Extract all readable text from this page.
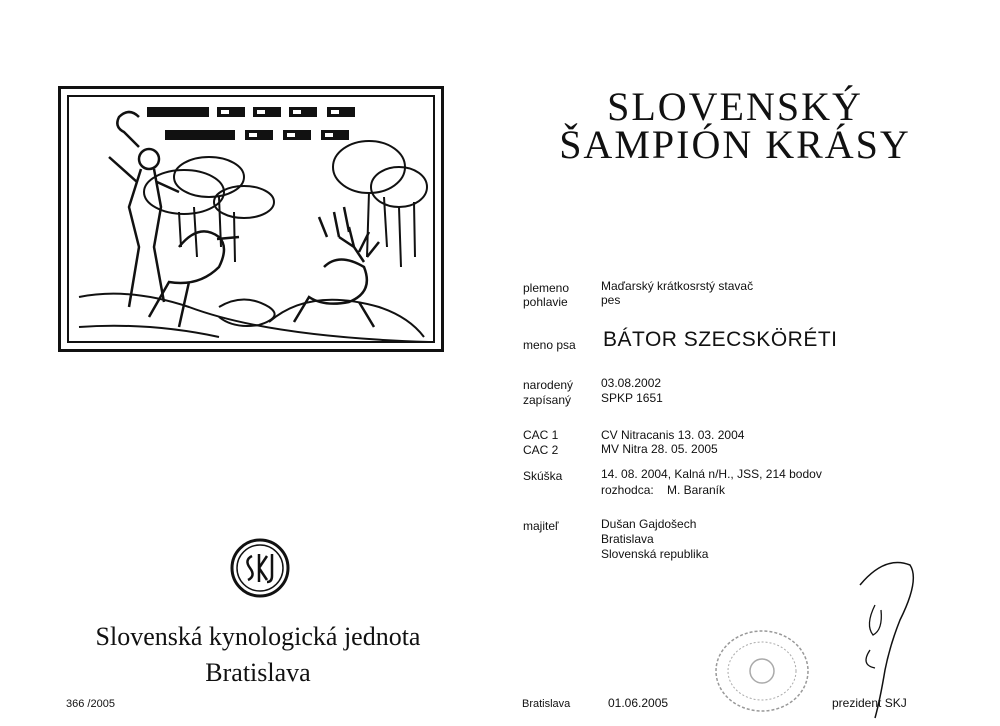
SLOVENSKÝ
ŠAMPIÓN KRÁSY
plemeno	Maďarský krátkosrstý stavač
pohlavie	pes
meno psa BÁTOR SZECSKÖRÉTI
narodený 03.08.2002
zapísaný SPKP 1651
CAC 1	CV Nitracanis 13. 03. 2004
CAC 2	MV Nitra 28. 05. 2005
Skúška	14. 08. 2004, Kalná n/H., JSS, 214 bodov
rozhodca: M. Baraník
majiteľ	Dušan Gajdošech
Bratislava
Slovenská republika
Slovenská kynologická jednota
Bratislava
366 /2005	Bratislava	01.06.2005	prezident SKJ
